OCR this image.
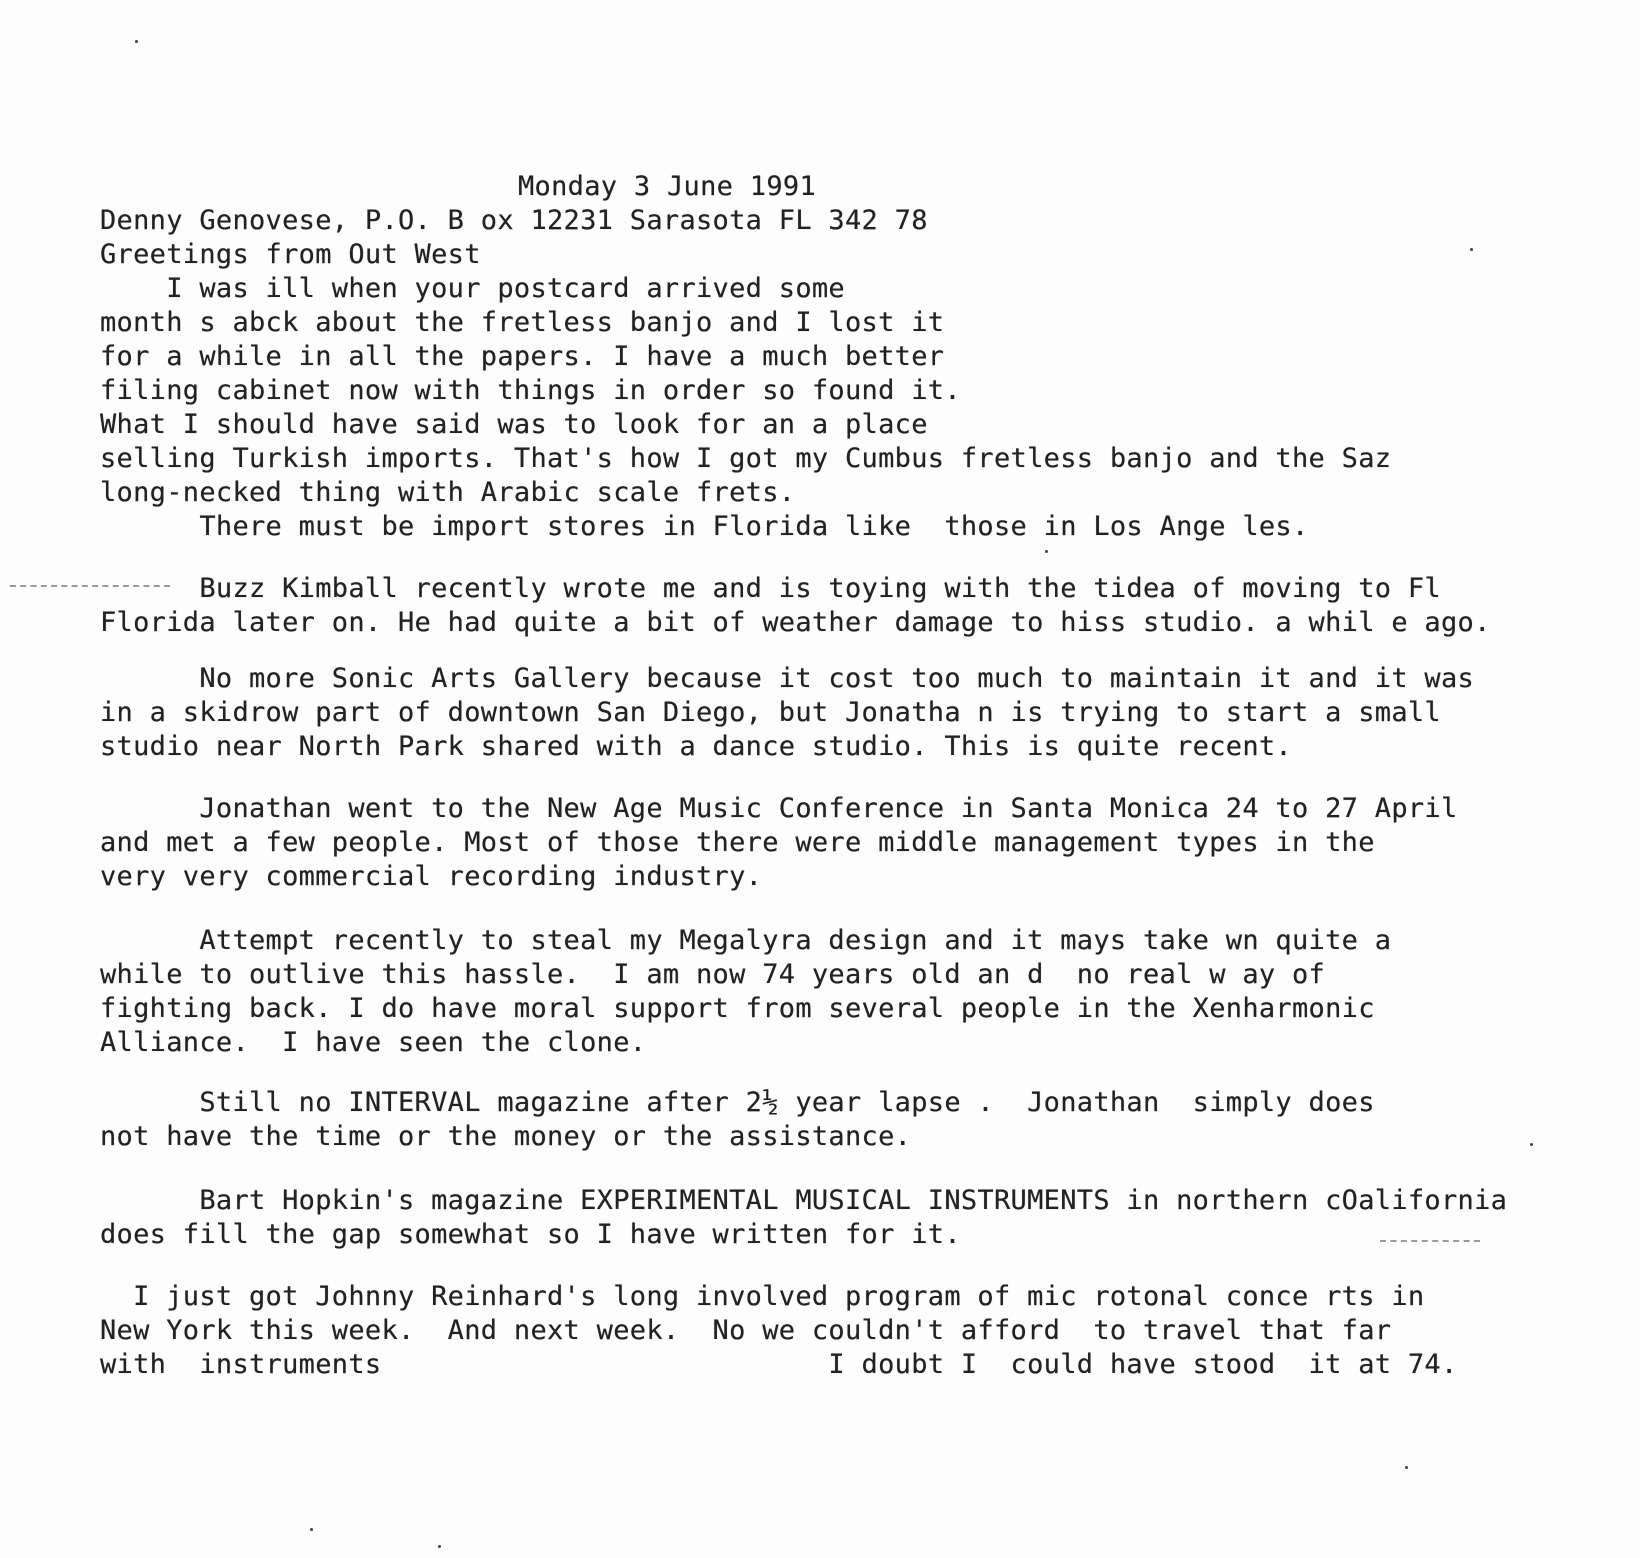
Monday 3 June 1991
Denny Genovese, P.O. B ox 12231 Sarasota FL 342 78
Greetings from Out West
I was ill when your postcard arrived some
month s abck about the fretless banjo and I lost it
for a while in all the papers. I have a much better
filing cabinet now with things in order so found it.
What I should have said was to look for an a place
selling Turkish imports. That's how I got my Cumbus fretless banjo and the Saz
long-necked thing with Arabic scale frets.
There must be import stores in Florida like  those in Los Ange les.
Buzz Kimball recently wrote me and is toying with the tidea of moving to Fl
Florida later on. He had quite a bit of weather damage to hiss studio. a whil e ago.
No more Sonic Arts Gallery because it cost too much to maintain it and it was
in a skidrow part of downtown San Diego, but Jonatha n is trying to start a small
studio near North Park shared with a dance studio. This is quite recent.
Jonathan went to the New Age Music Conference in Santa Monica 24 to 27 April
and met a few people. Most of those there were middle management types in the
very very commercial recording industry.
Attempt recently to steal my Megalyra design and it mays take wn quite a
while to outlive this hassle.  I am now 74 years old an d  no real w ay of
fighting back. I do have moral support from several people in the Xenharmonic
Alliance.  I have seen the clone.
Still no INTERVAL magazine after 2½ year lapse .  Jonathan  simply does
not have the time or the money or the assistance.
Bart Hopkin's magazine EXPERIMENTAL MUSICAL INSTRUMENTS in northern cOalifornia
does fill the gap somewhat so I have written for it.
I just got Johnny Reinhard's long involved program of mic rotonal conce rts in
New York this week.  And next week.  No we couldn't afford  to travel that far
with  instruments                           I doubt I  could have stood  it at 74.
